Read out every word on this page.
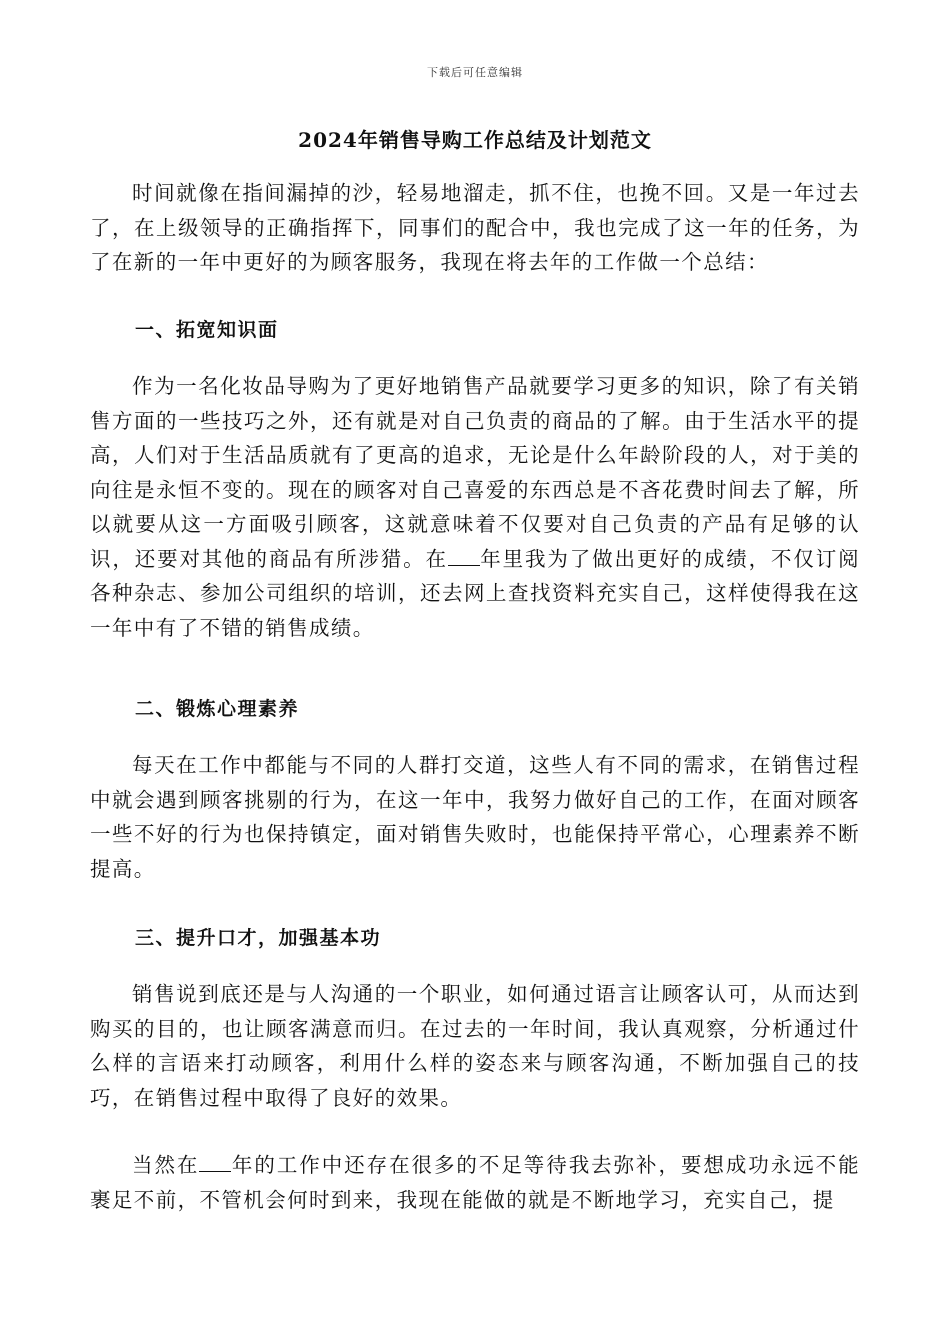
下载后可任意编辑
2024年销售导购工作总结及计划范文

时间就像在指间漏掉的沙，轻易地溜走，抓不住，也挽不回。又是一年过去了，在上级领导的正确指挥下，同事们的配合中，我也完成了这一年的任务，为了在新的一年中更好的为顾客服务，我现在将去年的工作做一个总结：

一、拓宽知识面

作为一名化妆品导购为了更好地销售产品就要学习更多的知识，除了有关销售方面的一些技巧之外，还有就是对自己负责的商品的了解。由于生活水平的提高，人们对于生活品质就有了更高的追求，无论是什么年龄阶段的人，对于美的向往是永恒不变的。现在的顾客对自己喜爱的东西总是不吝花费时间去了解，所以就要从这一方面吸引顾客，这就意味着不仅要对自己负责的产品有足够的认识，还要对其他的商品有所涉猎。在 年里我为了做出更好的成绩，不仅订阅各种杂志、参加公司组织的培训，还去网上查找资料充实自己，这样使得我在这一年中有了不错的销售成绩。

二、锻炼心理素养

每天在工作中都能与不同的人群打交道，这些人有不同的需求，在销售过程中就会遇到顾客挑剔的行为，在这一年中，我努力做好自己的工作，在面对顾客一些不好的行为也保持镇定，面对销售失败时，也能保持平常心，心理素养不断提高。

三、提升口才，加强基本功

销售说到底还是与人沟通的一个职业，如何通过语言让顾客认可，从而达到购买的目的，也让顾客满意而归。在过去的一年时间，我认真观察，分析通过什么样的言语来打动顾客，利用什么样的姿态来与顾客沟通，不断加强自己的技巧，在销售过程中取得了良好的效果。

当然在 年的工作中还存在很多的不足等待我去弥补，要想成功永远不能裹足不前，不管机会何时到来，我现在能做的就是不断地学习，充实自己，提
